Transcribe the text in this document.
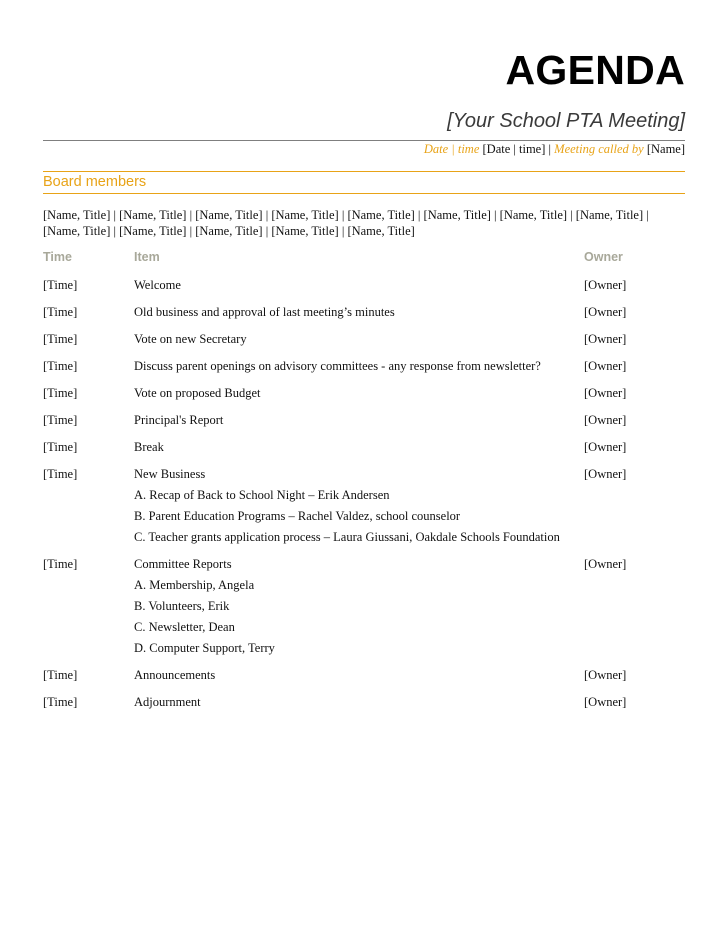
AGENDA
[Your School PTA Meeting]
Date | time [Date | time] | Meeting called by [Name]
Board members
[Name, Title] | [Name, Title] | [Name, Title] | [Name, Title] | [Name, Title] | [Name, Title] | [Name, Title] | [Name, Title] |
[Name, Title] | [Name, Title] | [Name, Title] | [Name, Title] | [Name, Title]
Time	Item	Owner
[Time]	Welcome	[Owner]
[Time]	Old business and approval of last meeting’s minutes	[Owner]
[Time]	Vote on new Secretary	[Owner]
[Time]	Discuss parent openings on advisory committees - any response from newsletter?	[Owner]
[Time]	Vote on proposed Budget	[Owner]
[Time]	Principal's Report	[Owner]
[Time]	Break	[Owner]
[Time]	New Business	[Owner]
A. Recap of Back to School Night – Erik Andersen
B. Parent Education Programs – Rachel Valdez, school counselor
C. Teacher grants application process – Laura Giussani, Oakdale Schools Foundation
[Time]	Committee Reports	[Owner]
A. Membership, Angela
B. Volunteers, Erik
C. Newsletter, Dean
D. Computer Support, Terry
[Time]	Announcements	[Owner]
[Time]	Adjournment	[Owner]
